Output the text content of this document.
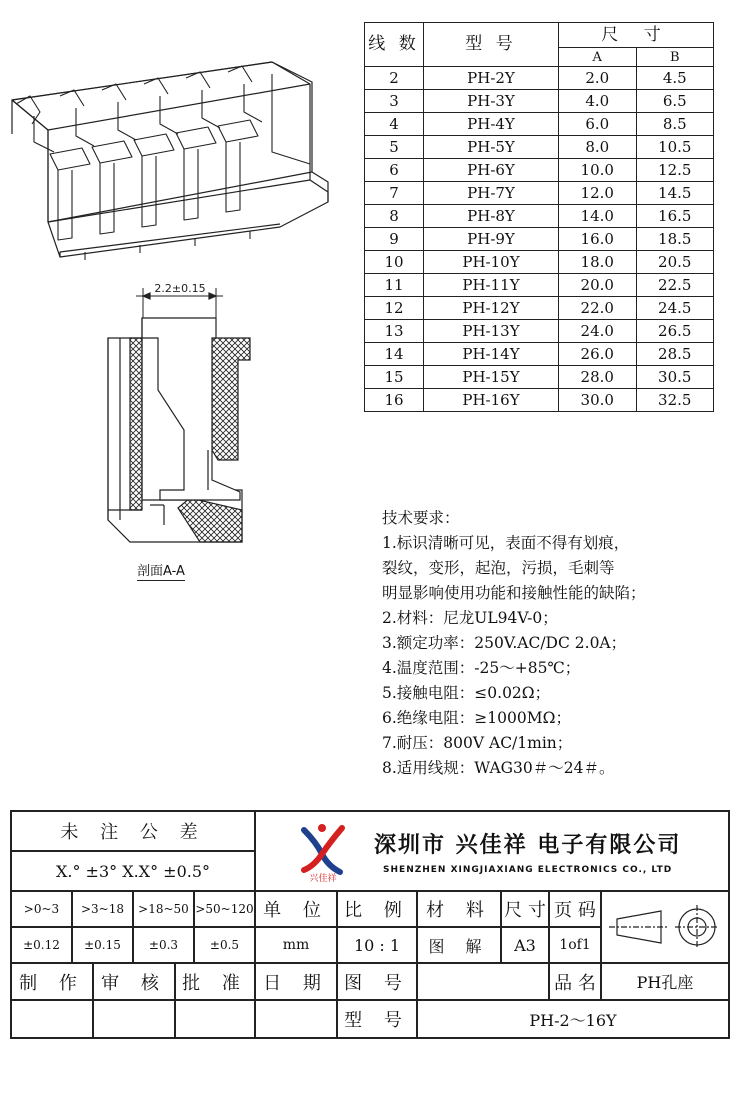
2.2±0.15
剖面A-A
线 数	型 号	尺 寸	
		A	B
2	PH-2Y	2.0	4.5
3	PH-3Y	4.0	6.5
4	PH-4Y	6.0	8.5
5	PH-5Y	8.0	10.5
6	PH-6Y	10.0	12.5
7	PH-7Y	12.0	14.5
8	PH-8Y	14.0	16.5
9	PH-9Y	16.0	18.5
10	PH-10Y	18.0	20.5
11	PH-11Y	20.0	22.5
12	PH-12Y	22.0	24.5
13	PH-13Y	24.0	26.5
14	PH-14Y	26.0	28.5
15	PH-15Y	28.0	30.5
16	PH-16Y	30.0	32.5
技术要求：
1.标识清晰可见，表面不得有划痕，
裂纹，变形，起泡，污损，毛刺等
明显影响使用功能和接触性能的缺陷；
2.材料：尼龙UL94V-0；
3.额定功率：250V.AC/DC 2.0A；
4.温度范围：-25～+85℃；
5.接触电阻：≤0.02Ω；
6.绝缘电阻：≥1000MΩ；
7.耐压：800V AC/1min；
8.适用线规：WAG30＃～24＃。
未 注 公 差
X.° ±3° X.X° ±0.5°
>0~3	>3~18	>18~50 >50~120
±0.12	±0.15	±0.3	±0.5
兴佳祥
深圳市 兴佳祥 电子有限公司
SHENZHEN XINGJIAXIANG ELECTRONICS CO., LTD
单 位 比 例 材 料 尺 寸 页 码
mm	10 : 1	图 解	A3	1of1
制 作 审 核 批 准 日 期 图 号	品 名	PH孔座
型 号	PH-2～16Y
